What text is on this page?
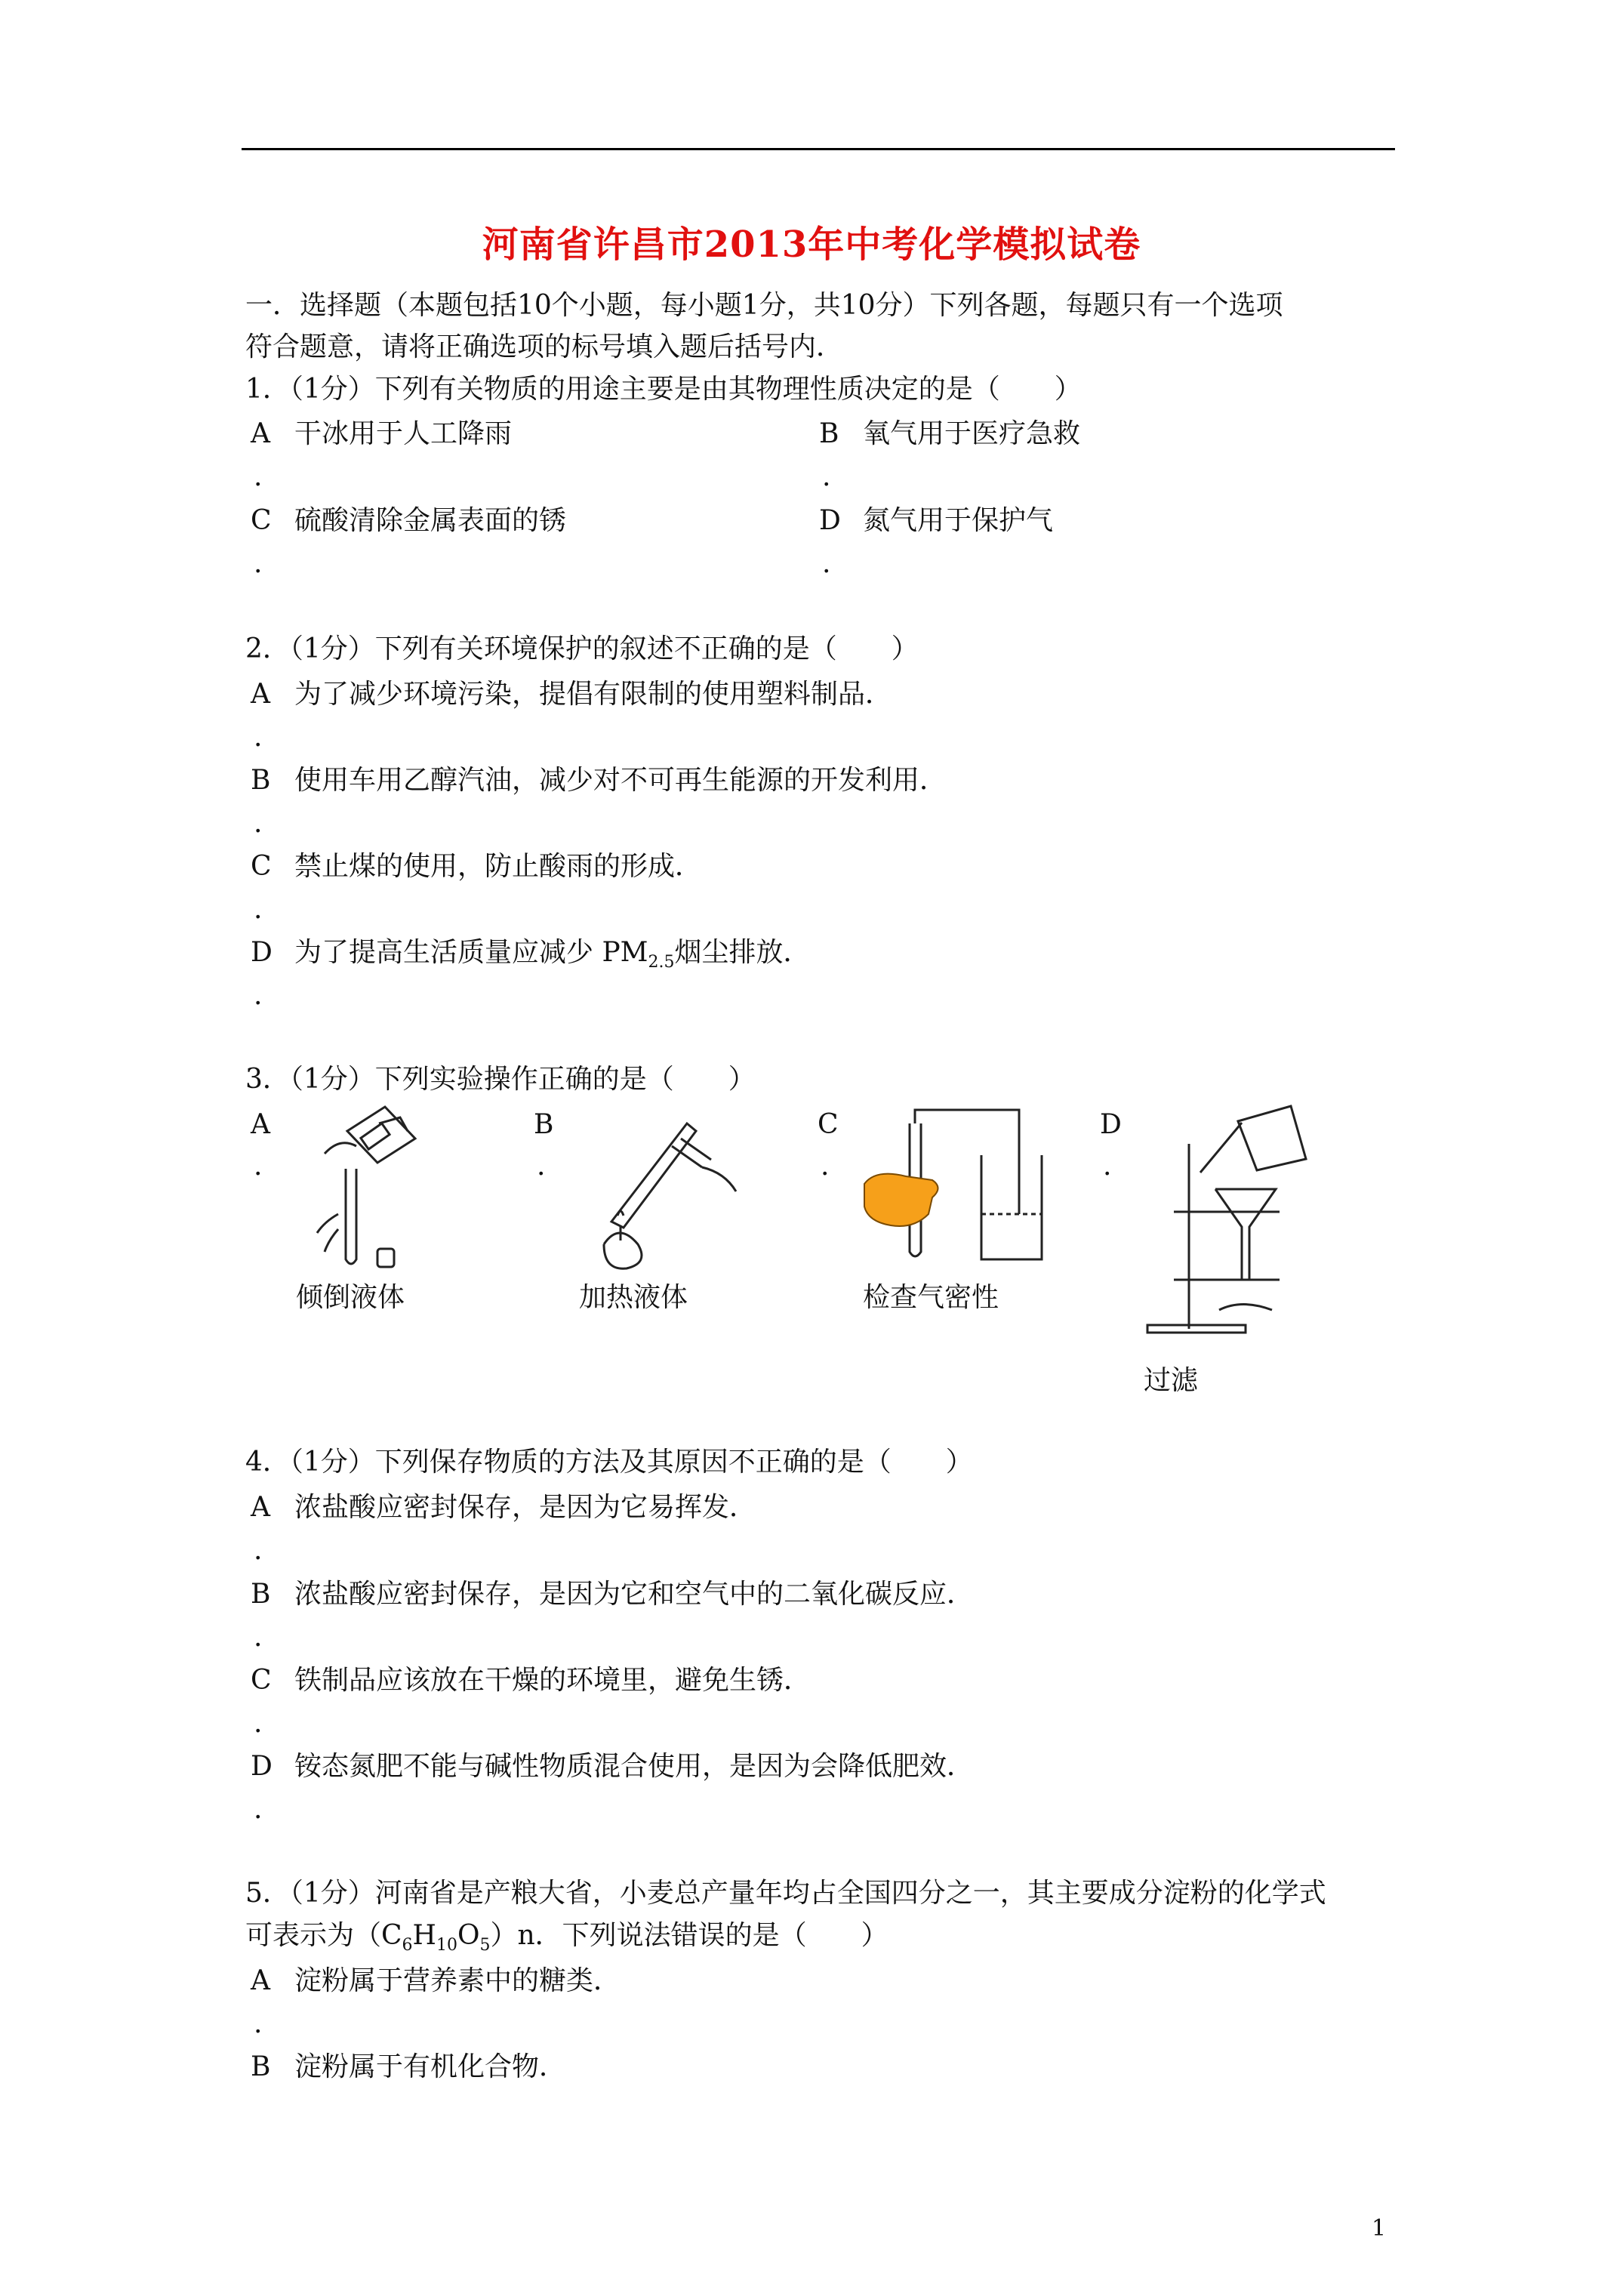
河南省许昌市2013年中考化学模拟试卷
一．选择题（本题包括10个小题，每小题1分，共10分）下列各题，每题只有一个选项
符合题意，请将正确选项的标号填入题后括号内．
1．（1分）下列有关物质的用途主要是由其物理性质决定的是（　　）
A 干冰用于人工降雨
.
B 氧气用于医疗急救
.
C 硫酸清除金属表面的锈
.
D 氮气用于保护气
.
2．（1分）下列有关环境保护的叙述不正确的是（　　）
A 为了减少环境污染，提倡有限制的使用塑料制品．
.
B 使用车用乙醇汽油，减少对不可再生能源的开发利用．
.
C 禁止煤的使用，防止酸雨的形成．
.
D 为了提高生活质量应减少 $PM_{2.5}$烟尘排放．
.
3．（1分）下列实验操作正确的是（　　）
A
.
B
.
C
.
D
.
倾倒液体	加热液体	检查气密性
过滤
4．（1分）下列保存物质的方法及其原因不正确的是（　　）
A 浓盐酸应密封保存，是因为它易挥发．
.
B 浓盐酸应密封保存，是因为它和空气中的二氧化碳反应．
.
C 铁制品应该放在干燥的环境里，避免生锈．
.
D 铵态氮肥不能与碱性物质混合使用，是因为会降低肥效．
.
5．（1分）河南省是产粮大省，小麦总产量年均占全国四分之一，其主要成分淀粉的化学式
可表示为$(C_6H_{10}O_5)n$．下列说法错误的是（　　）
A 淀粉属于营养素中的糖类．
.
B 淀粉属于有机化合物．
1
